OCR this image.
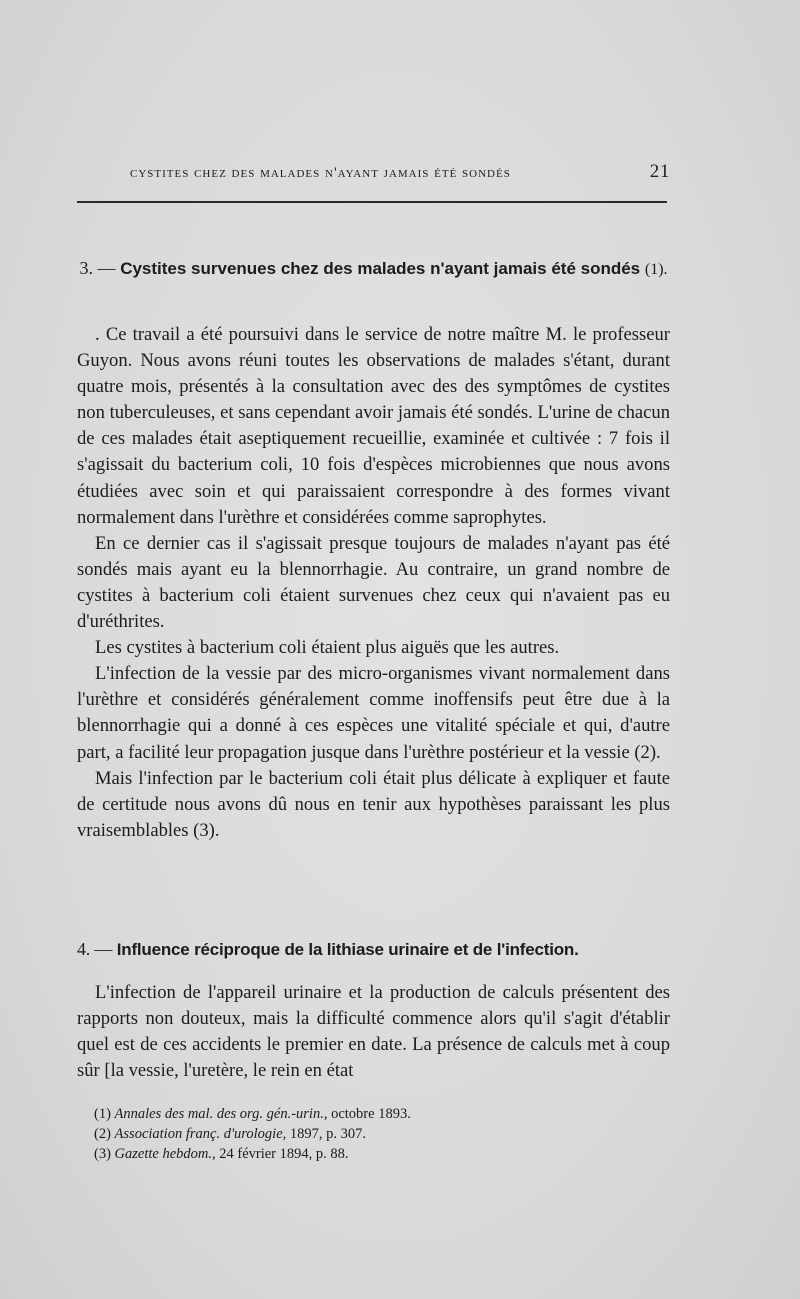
cystites chez des malades n'ayant jamais été sondés	21
3. — Cystites survenues chez des malades n'ayant jamais été sondés (1).

. Ce travail a été poursuivi dans le service de notre maître M. le professeur Guyon. Nous avons réuni toutes les observations de malades s'étant, durant quatre mois, présentés à la consultation avec des des symptômes de cystites non tuberculeuses, et sans cependant avoir jamais été sondés. L'urine de chacun de ces malades était aseptiquement recueillie, examinée et cultivée : 7 fois il s'agissait du bacterium coli, 10 fois d'espèces microbiennes que nous avons étudiées avec soin et qui paraissaient correspondre à des formes vivant normalement dans l'urèthre et considérées comme saprophytes.

En ce dernier cas il s'agissait presque toujours de malades n'ayant pas été sondés mais ayant eu la blennorrhagie. Au contraire, un grand nombre de cystites à bacterium coli étaient survenues chez ceux qui n'avaient pas eu d'uréthrites.

Les cystites à bacterium coli étaient plus aiguës que les autres.

L'infection de la vessie par des micro-organismes vivant normalement dans l'urèthre et considérés généralement comme inoffensifs peut être due à la blennorrhagie qui a donné à ces espèces une vitalité spéciale et qui, d'autre part, a facilité leur propagation jusque dans l'urèthre postérieur et la vessie (2).

Mais l'infection par le bacterium coli était plus délicate à expliquer et faute de certitude nous avons dû nous en tenir aux hypothèses paraissant les plus vraisemblables (3).

4. — Influence réciproque de la lithiase urinaire et de l'infection.

L'infection de l'appareil urinaire et la production de calculs présentent des rapports non douteux, mais la difficulté commence alors qu'il s'agit d'établir quel est de ces accidents le premier en date. La présence de calculs met à coup sûr [la vessie, l'uretère, le rein en état

(1) Annales des mal. des org. gén.-urin., octobre 1893.

(2) Association franç. d'urologie, 1897, p. 307.

(3) Gazette hebdom., 24 février 1894, p. 88.
